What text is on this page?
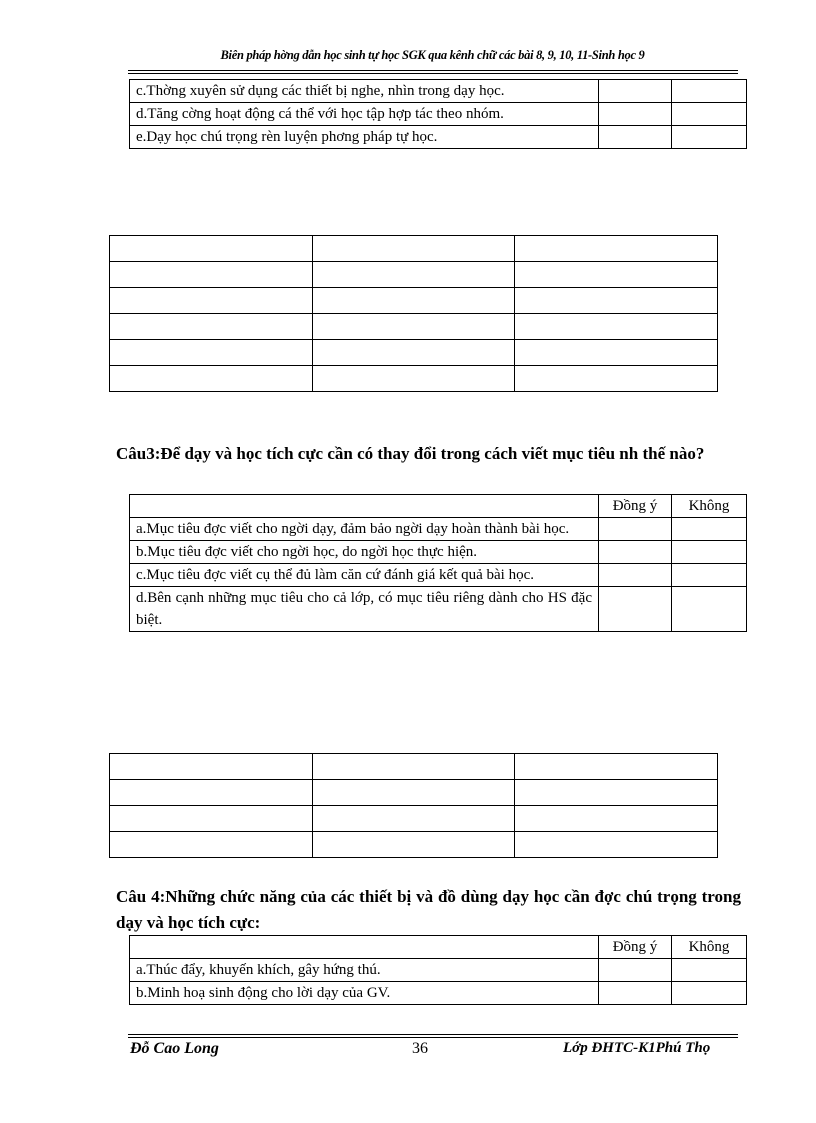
Biên pháp hờng dẫn học sinh tự học SGK qua kênh chữ các bài 8, 9, 10, 11-Sinh học 9
c.Thờng xuyên sử dụng các thiết bị nghe, nhìn trong dạy học.		
d.Tăng cờng hoạt động cá thể với học tập hợp tác theo nhóm.		
e.Dạy học chú trọng rèn luyện phơng pháp tự học.		

Câu3:Để dạy và học tích cực cần có thay đổi trong cách viết mục tiêu nh thế nào?
	Đồng ý	Không
a.Mục tiêu đợc viết cho ngời dạy, đảm bảo ngời dạy hoàn thành bài học.		
b.Mục tiêu đợc viết cho ngời học, do ngời học thực hiện.		
c.Mục tiêu đợc viết cụ thể đủ làm căn cứ đánh giá kết quả bài học.		
d.Bên cạnh những mục tiêu cho cả lớp, có mục tiêu riêng dành cho HS đặc biệt.		

Câu 4:Những chức năng của các thiết bị và đồ dùng dạy học cần đợc chú trọng trong dạy và học tích cực:
	Đồng ý	Không
a.Thúc đẩy, khuyến khích, gây hứng thú.		
b.Minh hoạ sinh động cho lời dạy của GV.		
Đỗ Cao Long	36	Lớp ĐHTC-K1Phú Thọ
